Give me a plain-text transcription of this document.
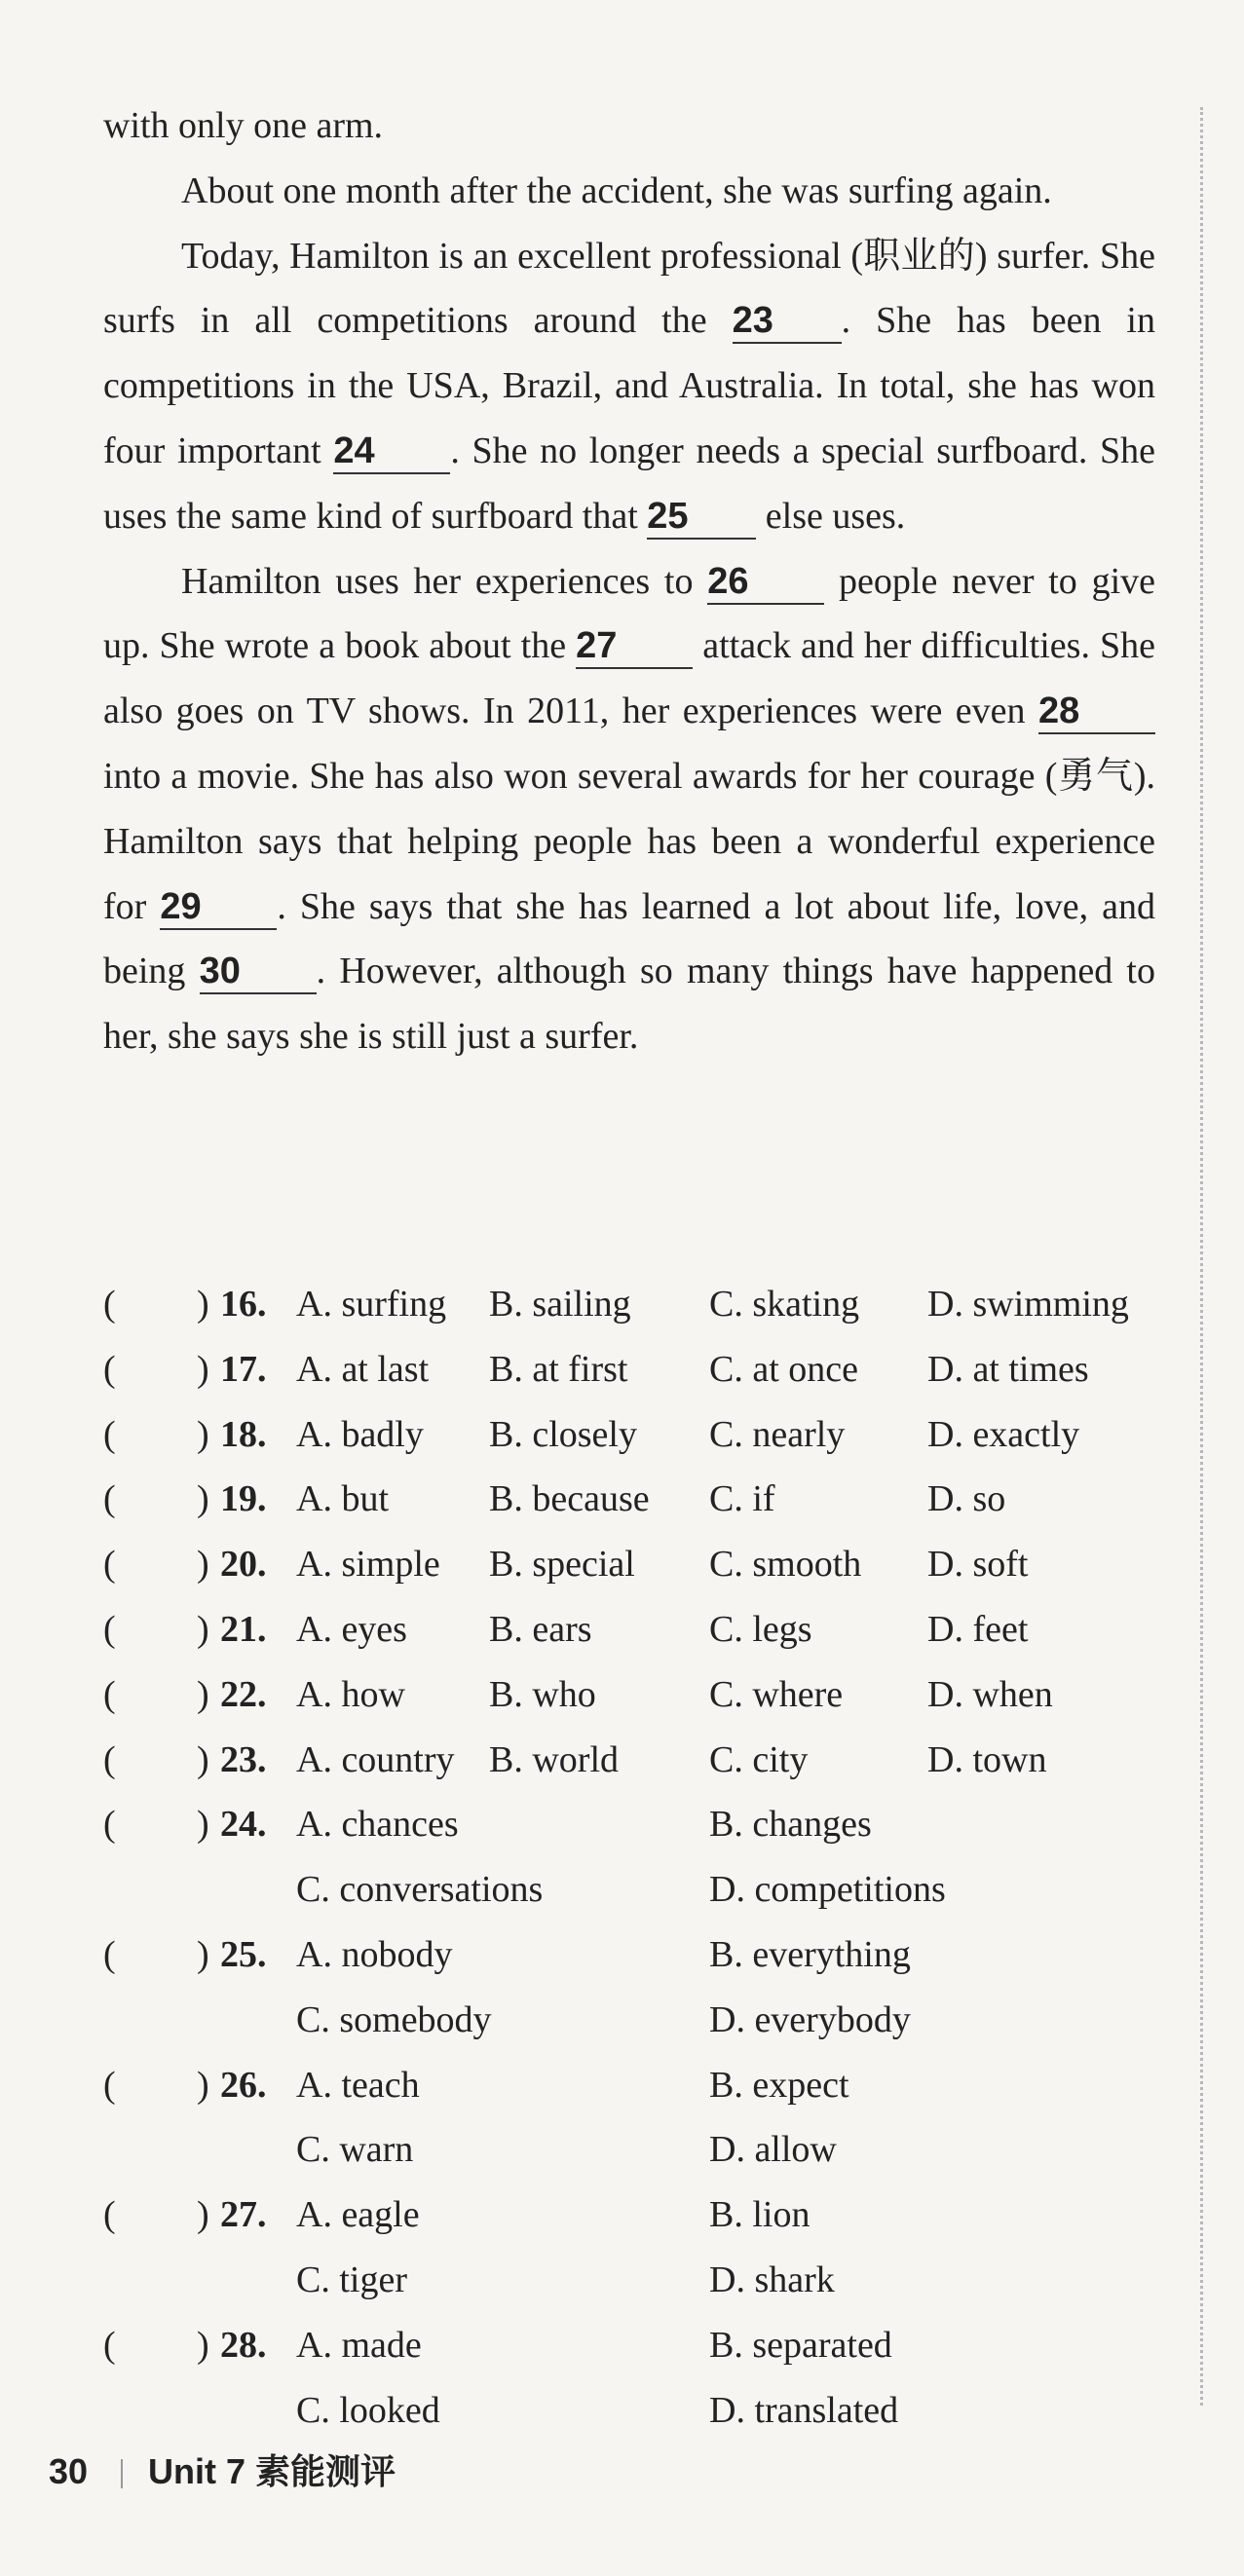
with only one arm.

About one month after the accident, she was surfing again.

Today, Hamilton is an excellent professional (职业的) surfer. She surfs in all competitions around the 23 . She has been in competitions in the USA, Brazil, and Australia. In total, she has won four important 24 . She no longer needs a special surfboard. She uses the same kind of surfboard that 25 else uses.

Hamilton uses her experiences to 26 people never to give up. She wrote a book about the 27 attack and her difficulties. She also goes on TV shows. In 2011, her experiences were even 28 into a movie. She has also won several awards for her courage (勇气). Hamilton says that helping people has been a wonderful experience for 29 . She says that she has learned a lot about life, love, and being 30 . However, although so many things have happened to her, she says she is still just a surfer.

( ) 16. A. surfing B. sailing C. skating D. swimming
( ) 17. A. at last B. at first C. at once D. at times
( ) 18. A. badly B. closely C. nearly D. exactly
( ) 19. A. but	B. because C. if	D. so
( ) 20. A. simple B. special C. smooth D. soft
( ) 21. A. eyes B. ears	C. legs	D. feet
( ) 22. A. how B. who	C. where D. when
( ) 23. A. country B. world C. city	D. town
( ) 24. A. chances	B. changes
C. conversations	D. competitions
( ) 25. A. nobody	B. everything
C. somebody	D. everybody
( ) 26. A. teach	B. expect
C. warn	D. allow
( ) 27. A. eagle	B. lion
C. tiger	D. shark
( ) 28. A. made	B. separated
C. looked	D. translated
30 Unit 7 素能测评
